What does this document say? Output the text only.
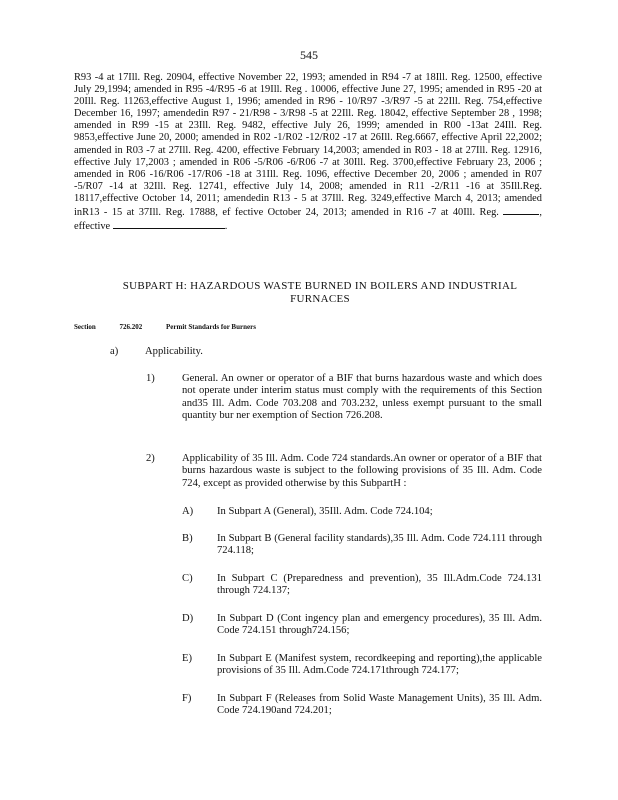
545

R93 -4 at 17Ill. Reg. 20904, effective November 22, 1993; amended in R94 -7 at 18Ill. Reg. 12500, effective July 29,1994; amended in R95 -4/R95 -6 at 19Ill. Reg . 10006, effective June 27, 1995; amended in R95 -20 at 20Ill. Reg. 11263,effective August 1, 1996; amended in R96 - 10/R97 -3/R97 -5 at 22Ill. Reg. 754,effective December 16, 1997; amendedin R97 - 21/R98 - 3/R98 -5 at 22Ill. Reg. 18042, effective September 28 , 1998; amended in R99 -15 at 23Ill. Reg. 9482, effective July 26, 1999; amended in R00 -13at 24Ill. Reg. 9853,effective June 20, 2000; amended in R02 -1/R02 -12/R02 -17 at 26Ill. Reg.6667, effective April 22,2002; amended in R03 -7 at 27Ill. Reg. 4200, effective February 14,2003; amended in R03 - 18 at 27Ill. Reg. 12916, effective July 17,2003 ; amended in R06 -5/R06 -6/R06 -7 at 30Ill. Reg. 3700,effective February 23, 2006 ; amended in R06 -16/R06 -17/R06 -18 at 31Ill. Reg. 1096, effective December 20, 2006 ; amended in R07 -5/R07 -14 at 32Ill. Reg. 12741, effective July 14, 2008; amended in R11 -2/R11 -16 at 35Ill.Reg. 18117,effective October 14, 2011; amendedin R13 - 5 at 37Ill. Reg. 3249,effective March 4, 2013; amended inR13 - 15 at 37Ill. Reg. 17888, ef fective October 24, 2013; amended in R16 -7 at 40Ill. Reg.	, effective	.

SUBPART H: HAZARDOUS WASTE BURNED IN BOILERS AND INDUSTRIAL FURNACES
Section	726.202	Permit Standards for Burners
a)	Applicability.
1)	General. An owner or operator of a BIF that burns hazardous waste and which does not operate under interim status must comply with the requirements of this Section and35 Ill. Adm. Code 703.208 and 703.232, unless exempt pursuant to the small quantity bur ner exemption of Section 726.208.
2)	Applicability of 35 Ill. Adm. Code 724 standards.An owner or operator of a BIF that burns hazardous waste is subject to the following provisions of 35 Ill. Adm. Code 724, except as provided otherwise by this SubpartH :
A) In Subpart A (General), 35Ill. Adm. Code 724.104;
B) In Subpart B (General facility standards),35 Ill. Adm. Code 724.111 through 724.118;
C) In Subpart C (Preparedness and prevention), 35 Ill.Adm.Code 724.131 through 724.137;
D) In Subpart D (Cont ingency plan and emergency procedures), 35 Ill. Adm. Code 724.151 through724.156;
E) In Subpart E (Manifest system, recordkeeping and reporting),the applicable provisions of 35 Ill. Adm.Code 724.171through 724.177;
F) In Subpart F (Releases from Solid Waste Management Units), 35 Ill. Adm. Code 724.190and 724.201;
